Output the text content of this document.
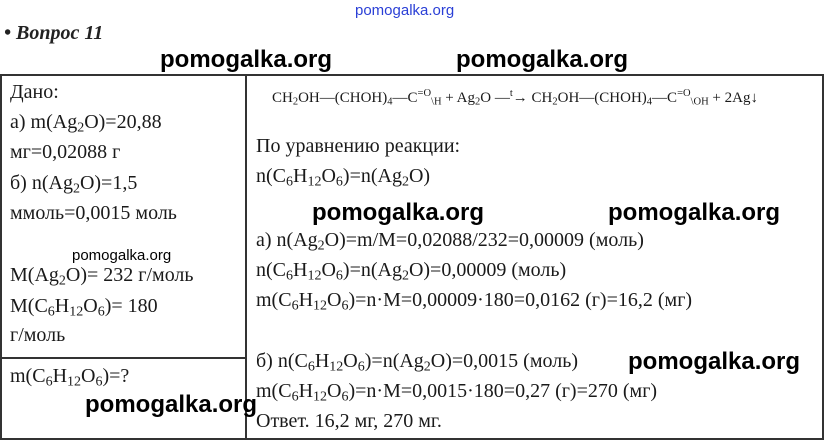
pomogalka.org
• Вопрос 11
pomogalka.org	pomogalka.org
Дано:
а) $m(Ag_2O)=20,88$
мг=0,02088 г
б) $n(Ag_2O)=1,5$
ммоль=0,0015 моль
pomogalka.org
$M(Ag_2O)= 232$ г/моль
$M(C_6H_{12}O_6)= 180$
г/моль
$m(C_6H_{12}O_6)=$?
pomogalka.org
$CH_2OH—(CHOH)_4—C^{=O}_{\backslash H} + Ag_2O$ —$^t$→ $CH_2OH—(CHOH)_4—C^{=O}_{\backslash OH}$ + 2Ag↓
По уравнению реакции:
$n(C_6H_{12}O_6)=n(Ag_2O)$
pomogalka.org	pomogalka.org
а) $n(Ag_2O)=m/M=0,02088/232=0,00009$ (моль)
$n(C_6H_{12}O_6)=n(Ag_2O)=0,00009$ (моль)
$m(C_6H_{12}O_6)=n\cdot M=0,00009\cdot 180=0,0162$ (г)=16,2 (мг)
б) $n(C_6H_{12}O_6)=n(Ag_2O)=0,0015$ (моль) pomogalka.org
$m(C_6H_{12}O_6)=n\cdot M=0,0015\cdot 180=0,27$ (г)=270 (мг)
Ответ. 16,2 мг, 270 мг.
